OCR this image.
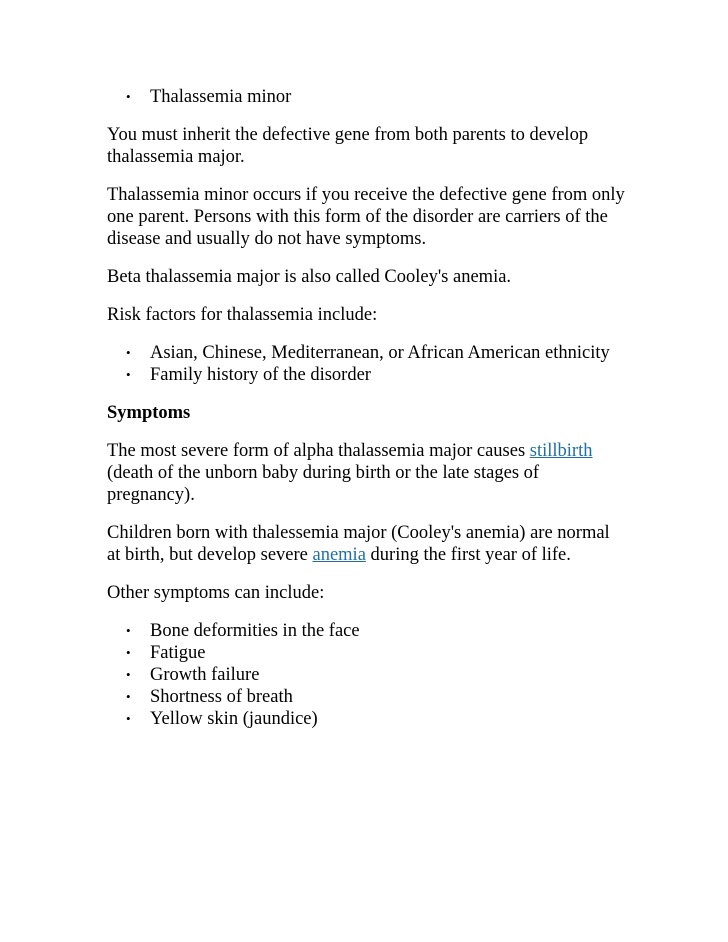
• Thalassemia minor

You must inherit the defective gene from both parents to develop thalassemia major.

Thalassemia minor occurs if you receive the defective gene from only one parent. Persons with this form of the disorder are carriers of the disease and usually do not have symptoms.

Beta thalassemia major is also called Cooley's anemia.

Risk factors for thalassemia include:

• Asian, Chinese, Mediterranean, or African American ethnicity
• Family history of the disorder
Symptoms

The most severe form of alpha thalassemia major causes stillbirth (death of the unborn baby during birth or the late stages of pregnancy).

Children born with thalessemia major (Cooley's anemia) are normal at birth, but develop severe anemia during the first year of life.

Other symptoms can include:

• Bone deformities in the face
• Fatigue
• Growth failure
• Shortness of breath
• Yellow skin (jaundice)
